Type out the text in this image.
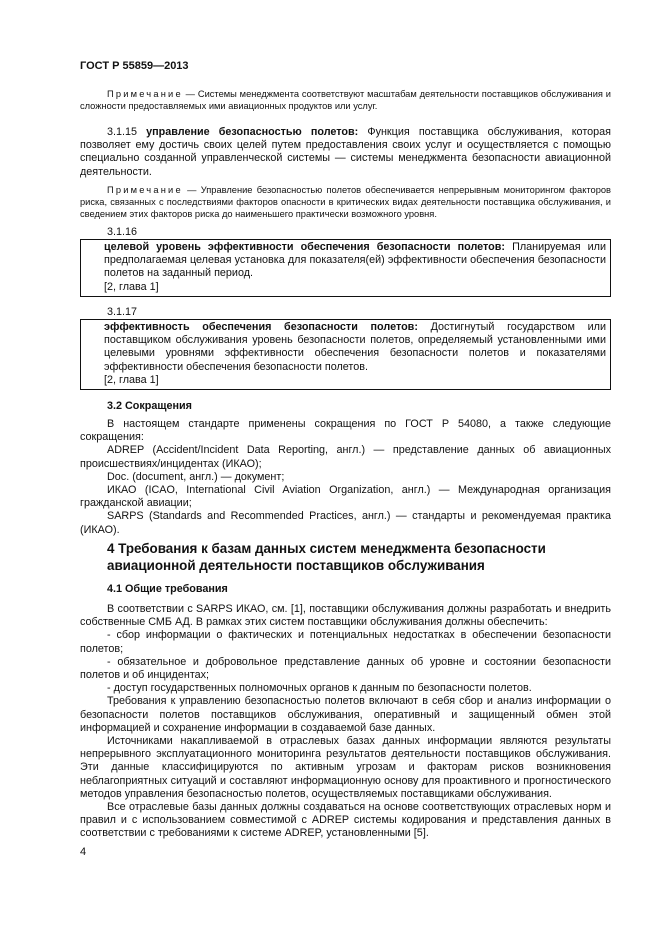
ГОСТ Р 55859—2013

Примечание — Системы менеджмента соответствуют масштабам деятельности поставщиков обслуживания и сложности предоставляемых ими авиационных продуктов или услуг.

3.1.15 управление безопасностью полетов: Функция поставщика обслуживания, которая позволяет ему достичь своих целей путем предоставления своих услуг и осуществляется с помощью специально созданной управленческой системы — системы менеджмента безопасности авиационной деятельности.

Примечание — Управление безопасностью полетов обеспечивается непрерывным мониторингом факторов риска, связанных с последствиями факторов опасности в критических видах деятельности поставщика обслуживания, и сведением этих факторов риска до наименьшего практически возможного уровня.

3.1.16

целевой уровень эффективности обеспечения безопасности полетов: Планируемая или предполагаемая целевая установка для показателя(ей) эффективности обеспечения безопасности полетов на заданный период.

[2, глава 1]

3.1.17

эффективность обеспечения безопасности полетов: Достигнутый государством или поставщиком обслуживания уровень безопасности полетов, определяемый установленными ими целевыми уровнями эффективности обеспечения безопасности полетов и показателями эффективности обеспечения безопасности полетов.

[2, глава 1]

3.2 Сокращения

В настоящем стандарте применены сокращения по ГОСТ Р 54080, а также следующие сокращения:

ADREP (Accident/Incident Data Reporting, англ.) — представление данных об авиационных происшествиях/инцидентах (ИКАО);

Doc. (document, англ.) — документ;

ИКАО (ICAO, International Civil Aviation Organization, англ.) — Международная организация гражданской авиации;

SARPS (Standards and Recommended Practices, англ.) — стандарты и рекомендуемая практика (ИКАО).

4 Требования к базам данных систем менеджмента безопасности
авиационной деятельности поставщиков обслуживания
4.1 Общие требования

В соответствии с SARPS ИКАО, см. [1], поставщики обслуживания должны разработать и внедрить собственные СМБ АД. В рамках этих систем поставщики обслуживания должны обеспечить:

- сбор информации о фактических и потенциальных недостатках в обеспечении безопасности полетов;

- обязательное и добровольное представление данных об уровне и состоянии безопасности полетов и об инцидентах;

- доступ государственных полномочных органов к данным по безопасности полетов.

Требования к управлению безопасностью полетов включают в себя сбор и анализ информации о безопасности полетов поставщиков обслуживания, оперативный и защищенный обмен этой информацией и сохранение информации в создаваемой базе данных.

Источниками накапливаемой в отраслевых базах данных информации являются результаты непрерывного эксплуатационного мониторинга результатов деятельности поставщиков обслуживания. Эти данные классифицируются по активным угрозам и факторам рисков возникновения неблагоприятных ситуаций и составляют информационную основу для проактивного и прогностического методов управления безопасностью полетов, осуществляемых поставщиками обслуживания.

Все отраслевые базы данных должны создаваться на основе соответствующих отраслевых норм и правил и с использованием совместимой с ADREP системы кодирования и представления данных в соответствии с требованиями к системе ADREP, установленными [5].

4
